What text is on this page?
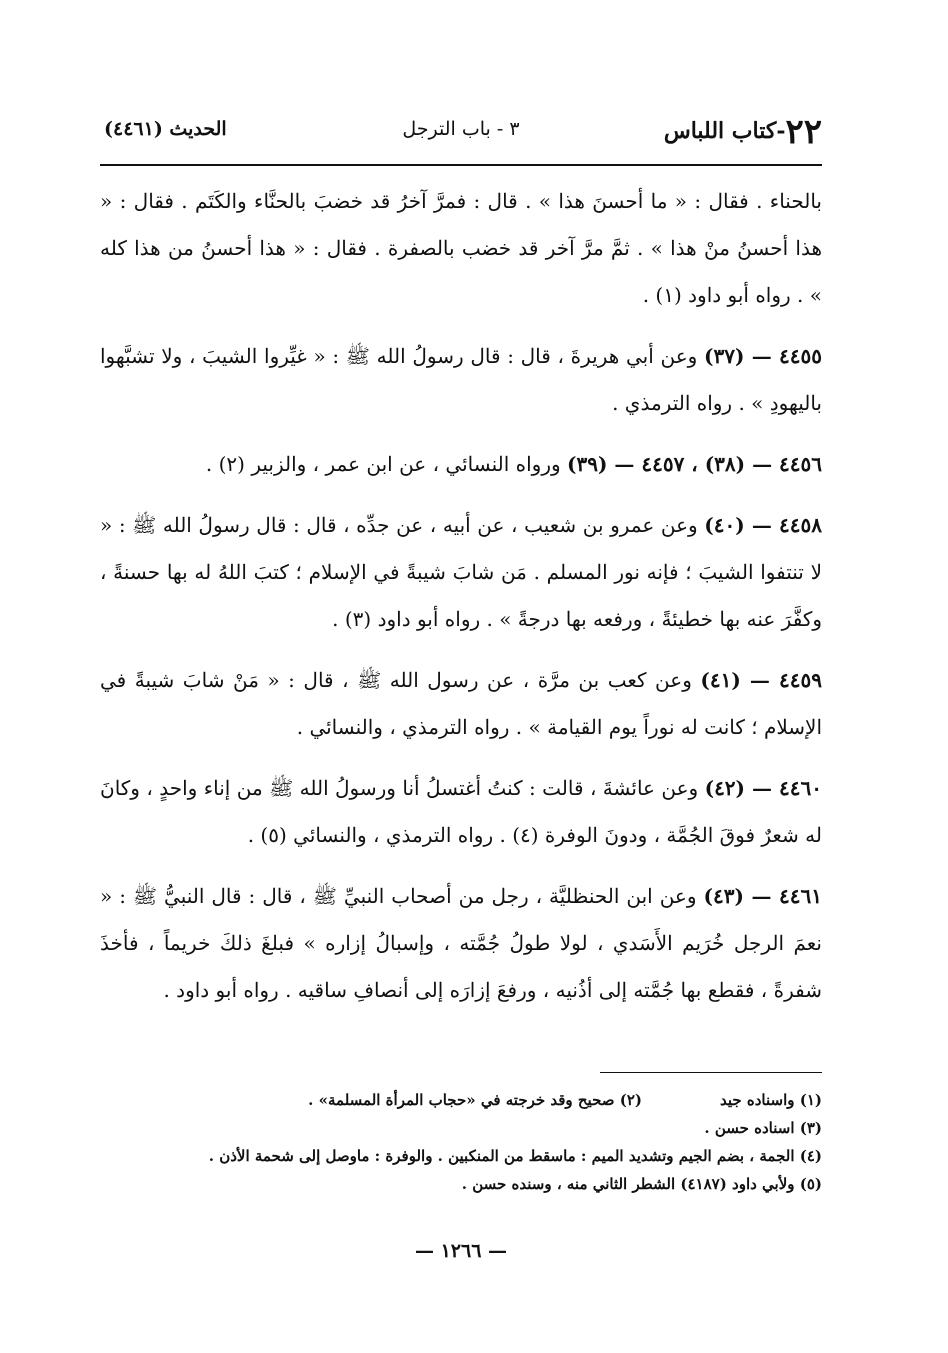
٢٢-كتاب اللباس
٣ - باب الترجل
الحديث (٤٤٦١)

بالحناء . فقال : « ما أحسنَ هذا » . قال : فمرَّ آخرُ قد خضبَ بالحنَّاء والكَتَم . فقال : « هذا أحسنُ منْ هذا » . ثمَّ مرَّ آخر قد خضب بالصفرة . فقال : « هذا أحسنُ من هذا كله » . رواه أبو داود (١) .

٤٤٥٥ — (٣٧) وعن أبي هريرةَ ، قال : قال رسولُ الله ﷺ : « غيِّروا الشيبَ ، ولا تشبَّهوا باليهودِ » . رواه الترمذي .

٤٤٥٦ — (٣٨) ، ٤٤٥٧ — (٣٩) ورواه النسائي ، عن ابن عمر ، والزبير (٢) .

٤٤٥٨ — (٤٠) وعن عمرو بن شعيب ، عن أبيه ، عن جدِّه ، قال : قال رسولُ الله ﷺ : « لا تنتفوا الشيبَ ؛ فإنه نور المسلم . مَن شابَ شيبةً في الإسلام ؛ كتبَ اللهُ له بها حسنةً ، وكفَّرَ عنه بها خطيئةً ، ورفعه بها درجةً » . رواه أبو داود (٣) .

٤٤٥٩ — (٤١) وعن كعب بن مرَّة ، عن رسول الله ﷺ ، قال : « مَنْ شابَ شيبةً في الإسلام ؛ كانت له نوراً يوم القيامة » . رواه الترمذي ، والنسائي .

٤٤٦٠ — (٤٢) وعن عائشةَ ، قالت : كنتُ أغتسلُ أنا ورسولُ الله ﷺ من إناء واحدٍ ، وكانَ له شعرٌ فوقَ الجُمَّة ، ودونَ الوفرة (٤) . رواه الترمذي ، والنسائي (٥) .

٤٤٦١ — (٤٣) وعن ابن الحنظليَّة ، رجل من أصحاب النبيِّ ﷺ ، قال : قال النبيُّ ﷺ : « نعمَ الرجل خُرَيم الأَسَدي ، لولا طولُ جُمَّته ، وإسبالُ إزاره » فبلغَ ذلكَ خريماً ، فأخذَ شفرةً ، فقطع بها جُمَّته إلى أذُنيه ، ورفعَ إزارَه إلى أنصافِ ساقيه . رواه أبو داود .

(١) واسناده جيد
(٢) صحيح وقد خرجته في «حجاب المرأة المسلمة» .
(٣) اسناده حسن .
(٤) الجمة ، بضم الجيم وتشديد الميم : ماسقط من المنكبين . والوفرة : ماوصل إلى شحمة الأذن .
(٥) ولأبي داود (٤١٨٧) الشطر الثاني منه ، وسنده حسن .
— ١٢٦٦ —
